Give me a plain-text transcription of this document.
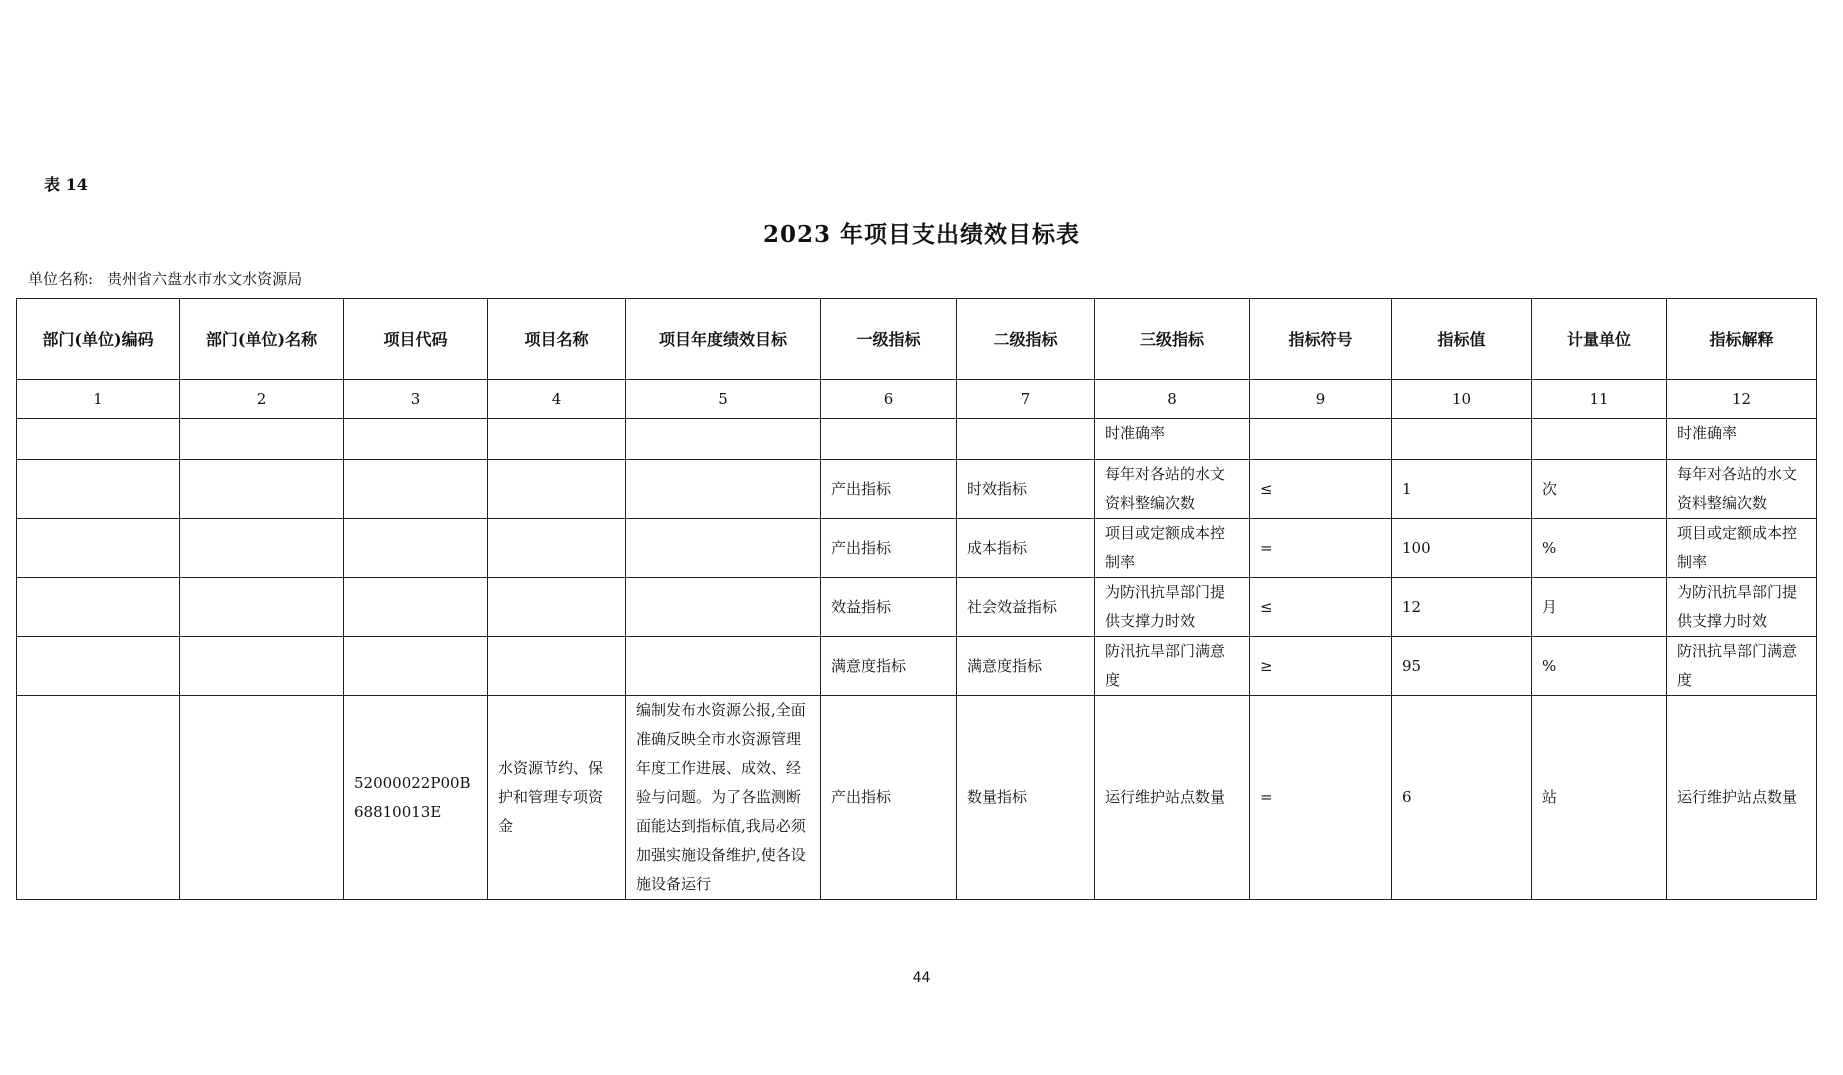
表 14
2023 年项目支出绩效目标表
单位名称: 贵州省六盘水市水文水资源局
部门(单位)编码	部门(单位)名称	项目代码	项目名称	项目年度绩效目标	一级指标	二级指标	三级指标	指标符号	指标值	计量单位	指标解释
1	2	3	4	5	6	7	8	9	10	11	12
							时准确率				时准确率
					产出指标	时效指标	每年对各站的水文资料整编次数	≤	1	次	每年对各站的水文资料整编次数
					产出指标	成本指标	项目或定额成本控制率	=	100	%	项目或定额成本控制率
					效益指标	社会效益指标	为防汛抗旱部门提供支撑力时效	≤	12	月	为防汛抗旱部门提供支撑力时效
					满意度指标	满意度指标	防汛抗旱部门满意度	≥	95	%	防汛抗旱部门满意度
		52000022P00B68810013E	水资源节约、保护和管理专项资金	编制发布水资源公报,全面准确反映全市水资源管理年度工作进展、成效、经验与问题。为了各监测断面能达到指标值,我局必须加强实施设备维护,使各设施设备运行	产出指标	数量指标	运行维护站点数量	=	6	站	运行维护站点数量
44
